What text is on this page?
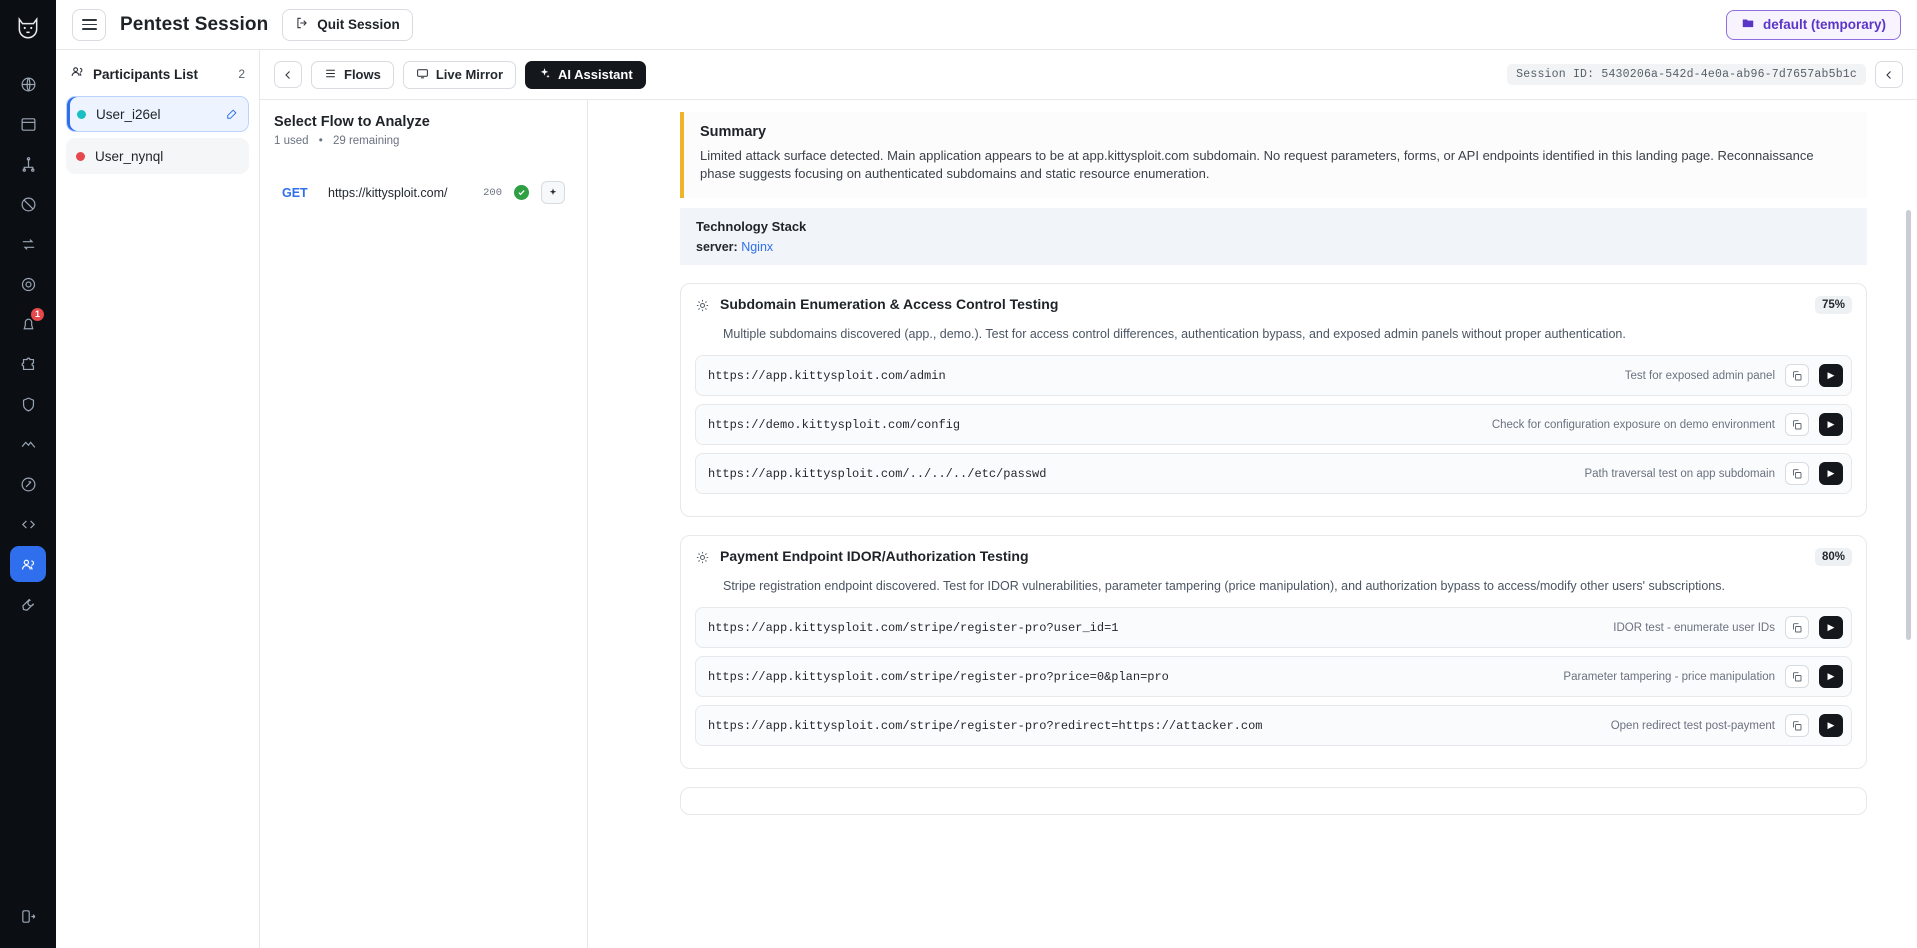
1
Pentest Session	Quit Session	default (temporary)
Participants List	2
User_i26el
User_nynql
Flows	Live Mirror	AI Assistant	Session ID: 5430206a-542d-4e0a-ab96-7d7657ab5b1c
Select Flow to Analyze
1 used • 29 remaining
GET	https://kittysploit.com/	200
Summary
Limited attack surface detected. Main application appears to be at app.kittysploit.com subdomain. No request parameters, forms, or API endpoints identified in this landing page. Reconnaissance phase suggests focusing on authenticated subdomains and static resource enumeration.
Technology Stack
server: Nginx
Subdomain Enumeration & Access Control Testing	75%
Multiple subdomains discovered (app., demo.). Test for access control differences, authentication bypass, and exposed admin panels without proper authentication.
https://app.kittysploit.com/admin	Test for exposed admin panel	▶
https://demo.kittysploit.com/config	Check for configuration exposure on demo environment	▶
https://app.kittysploit.com/../../../etc/passwd	Path traversal test on app subdomain	▶
Payment Endpoint IDOR/Authorization Testing	80%
Stripe registration endpoint discovered. Test for IDOR vulnerabilities, parameter tampering (price manipulation), and authorization bypass to access/modify other users' subscriptions.
https://app.kittysploit.com/stripe/register-pro?user_id=1	IDOR test - enumerate user IDs	▶
https://app.kittysploit.com/stripe/register-pro?price=0&plan=pro	Parameter tampering - price manipulation	▶
https://app.kittysploit.com/stripe/register-pro?redirect=https://attacker.com	Open redirect test post-payment	▶
